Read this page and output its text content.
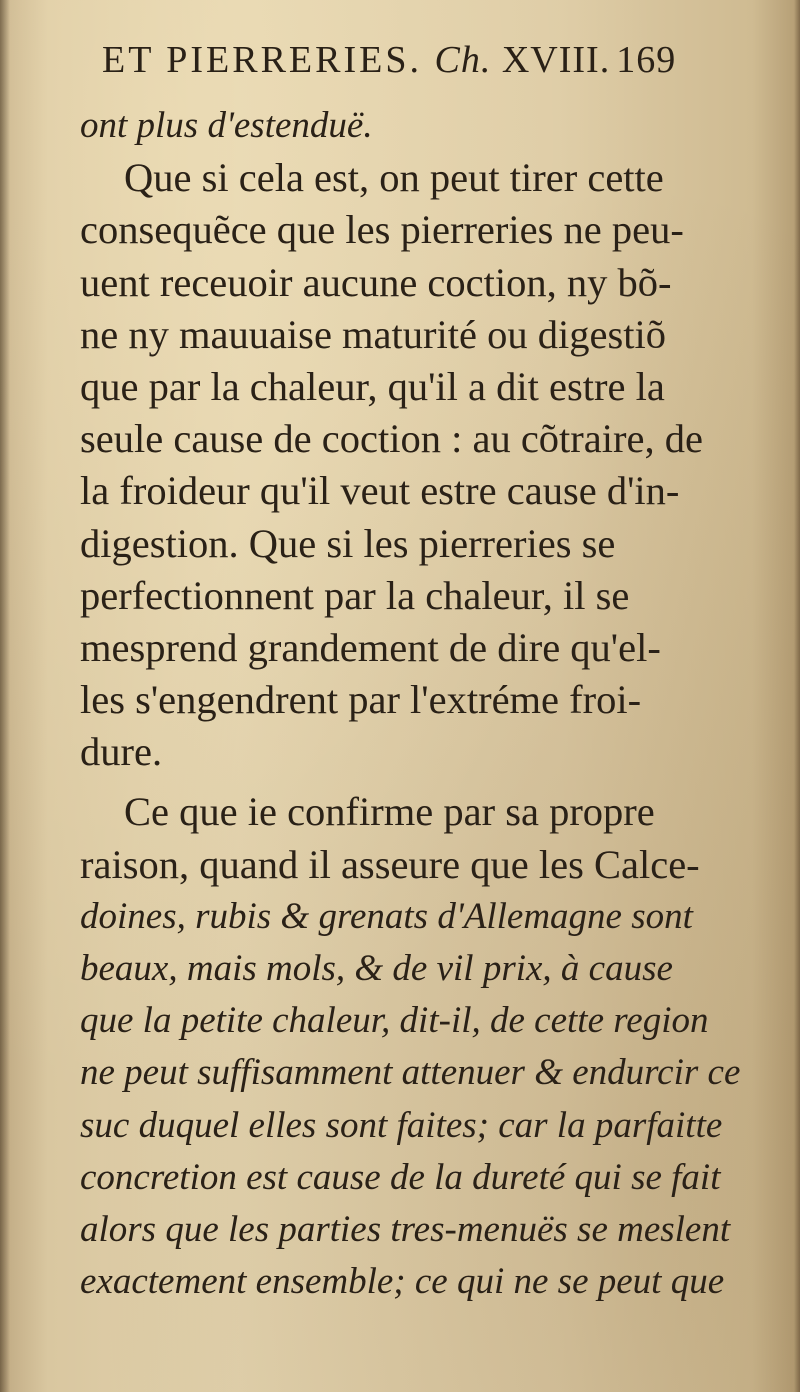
ET PIERRERIES. Ch. XVIII. 169
ont plus d'estenduë.
Que si cela est, on peut tirer cette
consequẽce que les pierreries ne peu-
uent receuoir aucune coction, ny bõ-
ne ny mauuaise maturité ou digestiõ
que par la chaleur, qu'il a dit estre la
seule cause de coction : au cõtraire, de
la froideur qu'il veut estre cause d'in-
digestion. Que si les pierreries se
perfectionnent par la chaleur, il se
mesprend grandement de dire qu'el-
les s'engendrent par l'extréme froi-
dure.
Ce que ie confirme par sa propre
raison, quand il asseure que les Calce-
doines, rubis & grenats d'Allemagne sont
beaux, mais mols, & de vil prix, à cause
que la petite chaleur, dit-il, de cette region
ne peut suffisamment attenuer & endurcir ce
suc duquel elles sont faites; car la parfaitte
concretion est cause de la dureté qui se fait
alors que les parties tres-menuës se meslent
exactement ensemble; ce qui ne se peut que
